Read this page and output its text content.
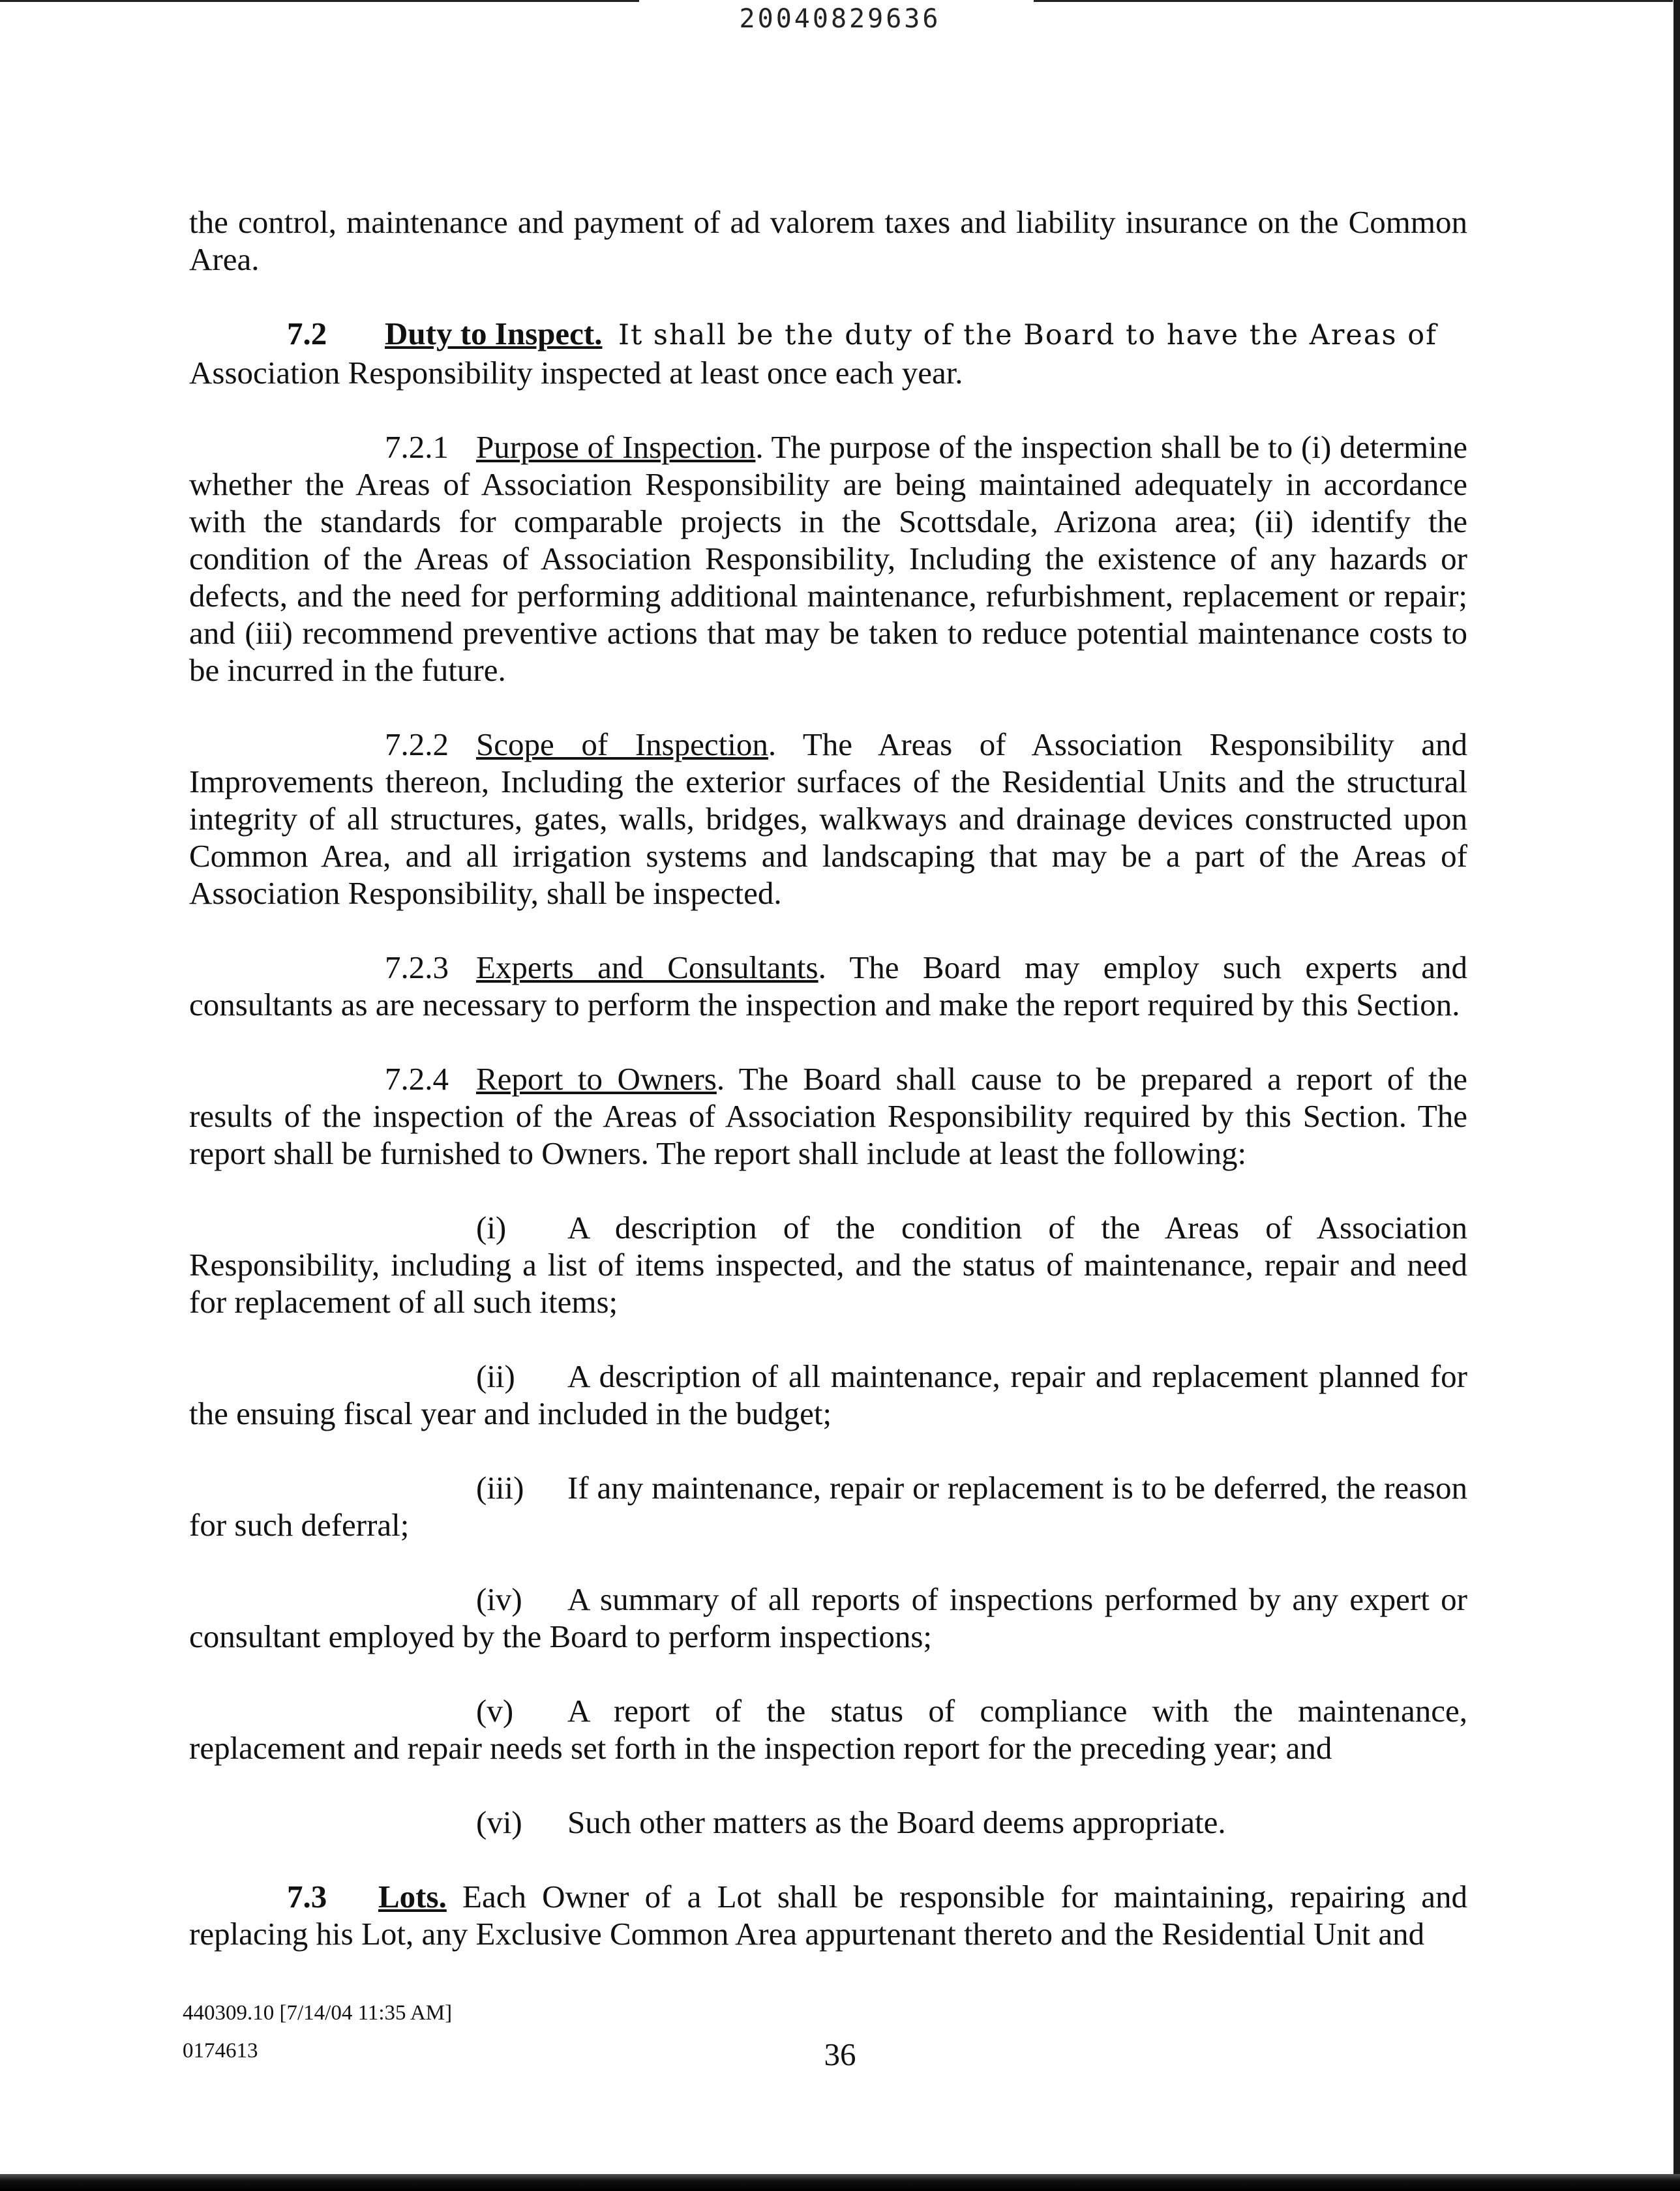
20040829636

the control, maintenance and payment of ad valorem taxes and liability insurance on the Common Area.

7.2 Duty to Inspect. It shall be the duty of the Board to have the Areas of
Association Responsibility inspected at least once each year.

7.2.1 Purpose of Inspection. The purpose of the inspection shall be to (i) determine whether the Areas of Association Responsibility are being maintained adequately in accordance with the standards for comparable projects in the Scottsdale, Arizona area; (ii) identify the condition of the Areas of Association Responsibility, Including the existence of any hazards or defects, and the need for performing additional maintenance, refurbishment, replacement or repair; and (iii) recommend preventive actions that may be taken to reduce potential maintenance costs to be incurred in the future.

7.2.2 Scope of Inspection. The Areas of Association Responsibility and Improvements thereon, Including the exterior surfaces of the Residential Units and the structural integrity of all structures, gates, walls, bridges, walkways and drainage devices constructed upon Common Area, and all irrigation systems and landscaping that may be a part of the Areas of Association Responsibility, shall be inspected.

7.2.3 Experts and Consultants. The Board may employ such experts and consultants as are necessary to perform the inspection and make the report required by this Section.

7.2.4 Report to Owners. The Board shall cause to be prepared a report of the results of the inspection of the Areas of Association Responsibility required by this Section. The report shall be furnished to Owners. The report shall include at least the following:

(i) A description of the condition of the Areas of Association Responsibility, including a list of items inspected, and the status of maintenance, repair and need for replacement of all such items;

(ii) A description of all maintenance, repair and replacement planned for the ensuing fiscal year and included in the budget;

(iii) If any maintenance, repair or replacement is to be deferred, the reason for such deferral;

(iv) A summary of all reports of inspections performed by any expert or consultant employed by the Board to perform inspections;

(v) A report of the status of compliance with the maintenance, replacement and repair needs set forth in the inspection report for the preceding year; and

(vi) Such other matters as the Board deems appropriate.

7.3 Lots. Each Owner of a Lot shall be responsible for maintaining, repairing and replacing his Lot, any Exclusive Common Area appurtenant thereto and the Residential Unit and

440309.10 [7/14/04 11:35 AM]
0174613	36
